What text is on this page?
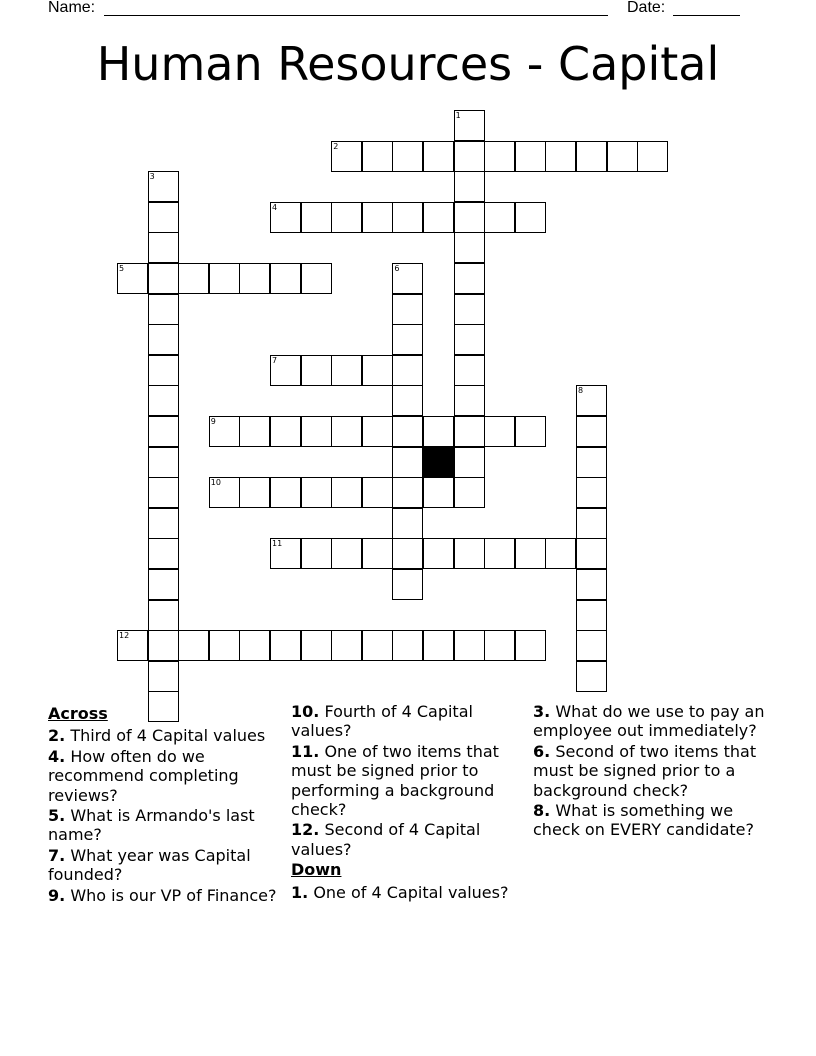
Name:	Date:
Human Resources - Capital
1
2
3
4
5	6
7
8
9
10
11
12
Across
2. Third of 4 Capital values
4. How often do we recommend completing reviews?
5. What is Armando's last name?
7. What year was Capital founded?
9. Who is our VP of Finance?
10. Fourth of 4 Capital values?
11. One of two items that must be signed prior to performing a background check?
12. Second of 4 Capital values?
Down
1. One of 4 Capital values?
3. What do we use to pay an employee out immediately?
6. Second of two items that must be signed prior to a background check?
8. What is something we check on EVERY candidate?
